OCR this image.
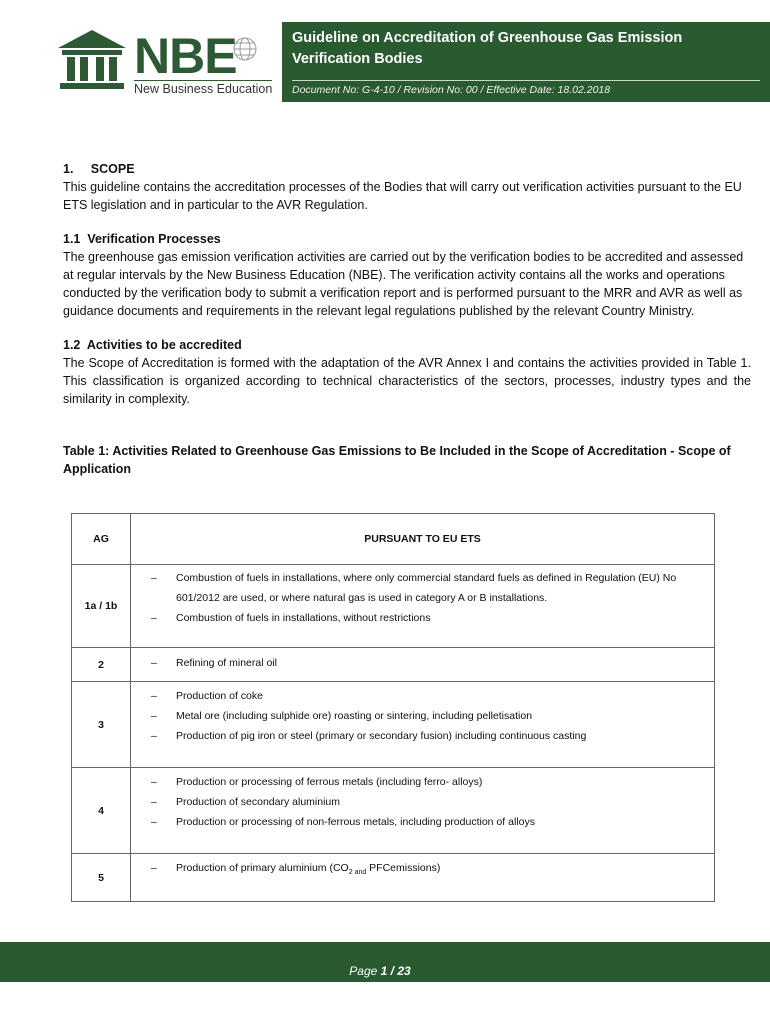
NBE
New Business Education
Guideline on Accreditation of Greenhouse Gas Emission Verification Bodies
Document No: G-4-10 / Revision No: 00 / Effective Date: 18.02.2018
1.     SCOPE

This guideline contains the accreditation processes of the Bodies that will carry out verification activities pursuant to the EU ETS legislation and in particular to the AVR Regulation.

1.1  Verification Processes

The greenhouse gas emission verification activities are carried out by the verification bodies to be accredited and assessed at regular intervals by the New Business Education (NBE). The verification activity contains all the works and operations conducted by the verification body to submit a verification report and is performed pursuant to the MRR and AVR as well as guidance documents and requirements in the relevant legal regulations published by the relevant Country Ministry.

1.2  Activities to be accredited

The Scope of Accreditation is formed with the adaptation of the AVR Annex I and contains the activities provided in Table 1. This classification is organized according to technical characteristics of the sectors, processes, industry types and the similarity in complexity.

Table 1: Activities Related to Greenhouse Gas Emissions to Be Included in the Scope of Accreditation - Scope of Application
AG	PURSUANT TO EU ETS
1a / 1b	– Combustion of fuels in installations, where only commercial standard fuels as defined in Regulation (EU) No 601/2012 are used, or where natural gas is used in category A or B installations.
– Combustion of fuels in installations, without restrictions

2	– Refining of mineral oil

3	– Production of coke
– Metal ore (including sulphide ore) roasting or sintering, including pelletisation
– Production of pig iron or steel (primary or secondary fusion) including continuous casting

4	– Production or processing of ferrous metals (including ferro- alloys)
– Production of secondary aluminium
– Production or processing of non-ferrous metals, including production of alloys

5	– Production of primary aluminium ($CO_{2 and}$ PFCemissions)
Page 1 / 23
